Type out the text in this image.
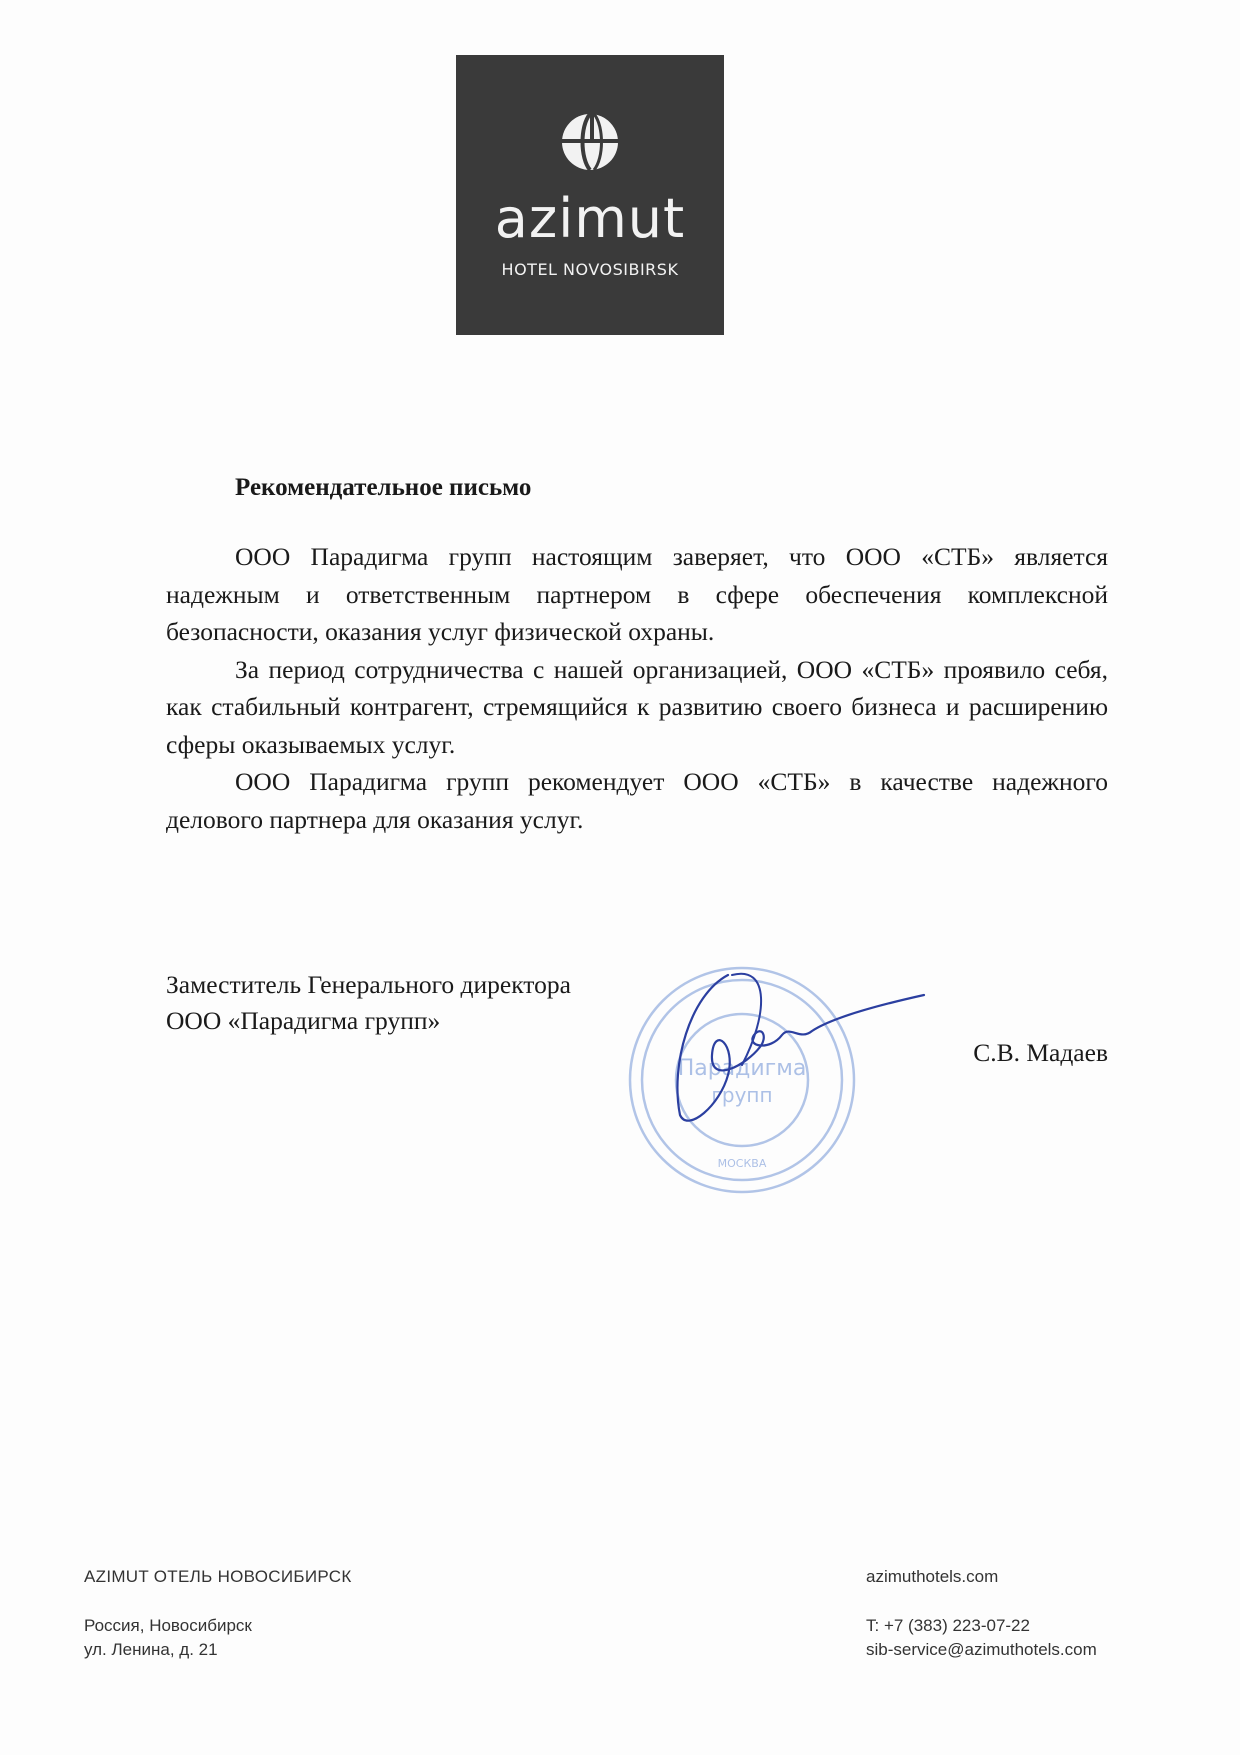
azimut
HOTEL NOVOSIBIRSK
Рекомендательное письмо

ООО Парадигма групп настоящим заверяет, что ООО «СТБ» является надежным и ответственным партнером в сфере обеспечения комплексной безопасности, оказания услуг физической охраны.

За период сотрудничества с нашей организацией, ООО «СТБ» проявило себя, как стабильный контрагент, стремящийся к развитию своего бизнеса и расширению сферы оказываемых услуг.

ООО Парадигма групп рекомендует ООО «СТБ» в качестве надежного делового партнера для оказания услуг.

Парадигма
групп
МОСКВА
Заместитель Генерального директора
ООО «Парадигма групп»
С.В. Мадаев
AZIMUT ОТЕЛЬ НОВОСИБИРСК
Россия, Новосибирск
ул. Ленина, д. 21
azimuthotels.com
T: +7 (383) 223-07-22
sib-service@azimuthotels.com
